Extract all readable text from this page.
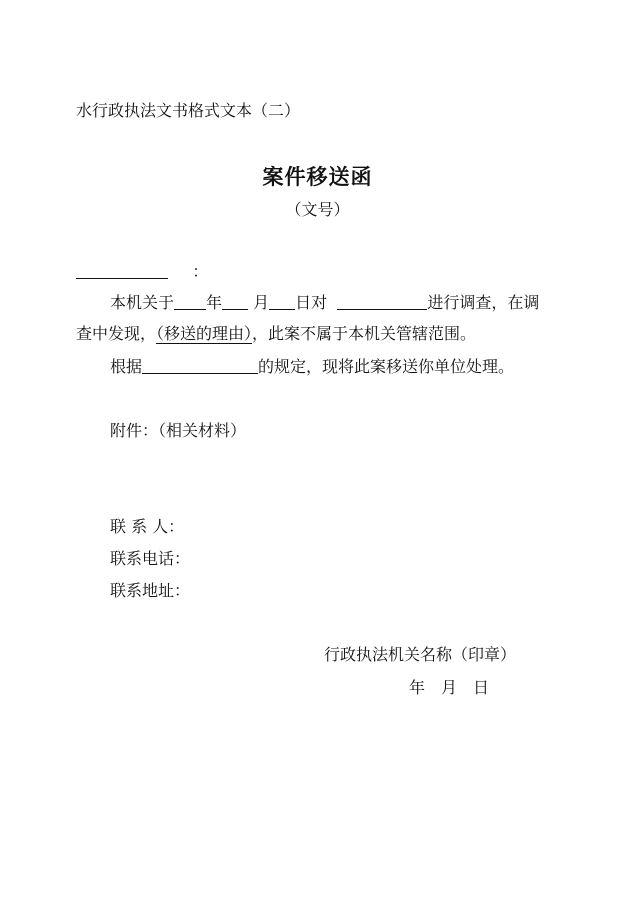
水行政执法文书格式文本（二）
案件移送函
（文号）
：
本机关于 年 月 日对	进行调查，在调
查中发现，（移送的理由），此案不属于本机关管辖范围。
根据	的规定，现将此案移送你单位处理。
附件：（相关材料）
联 系 人：
联系电话：
联系地址：
行政执法机关名称（印章）
年　月　日
